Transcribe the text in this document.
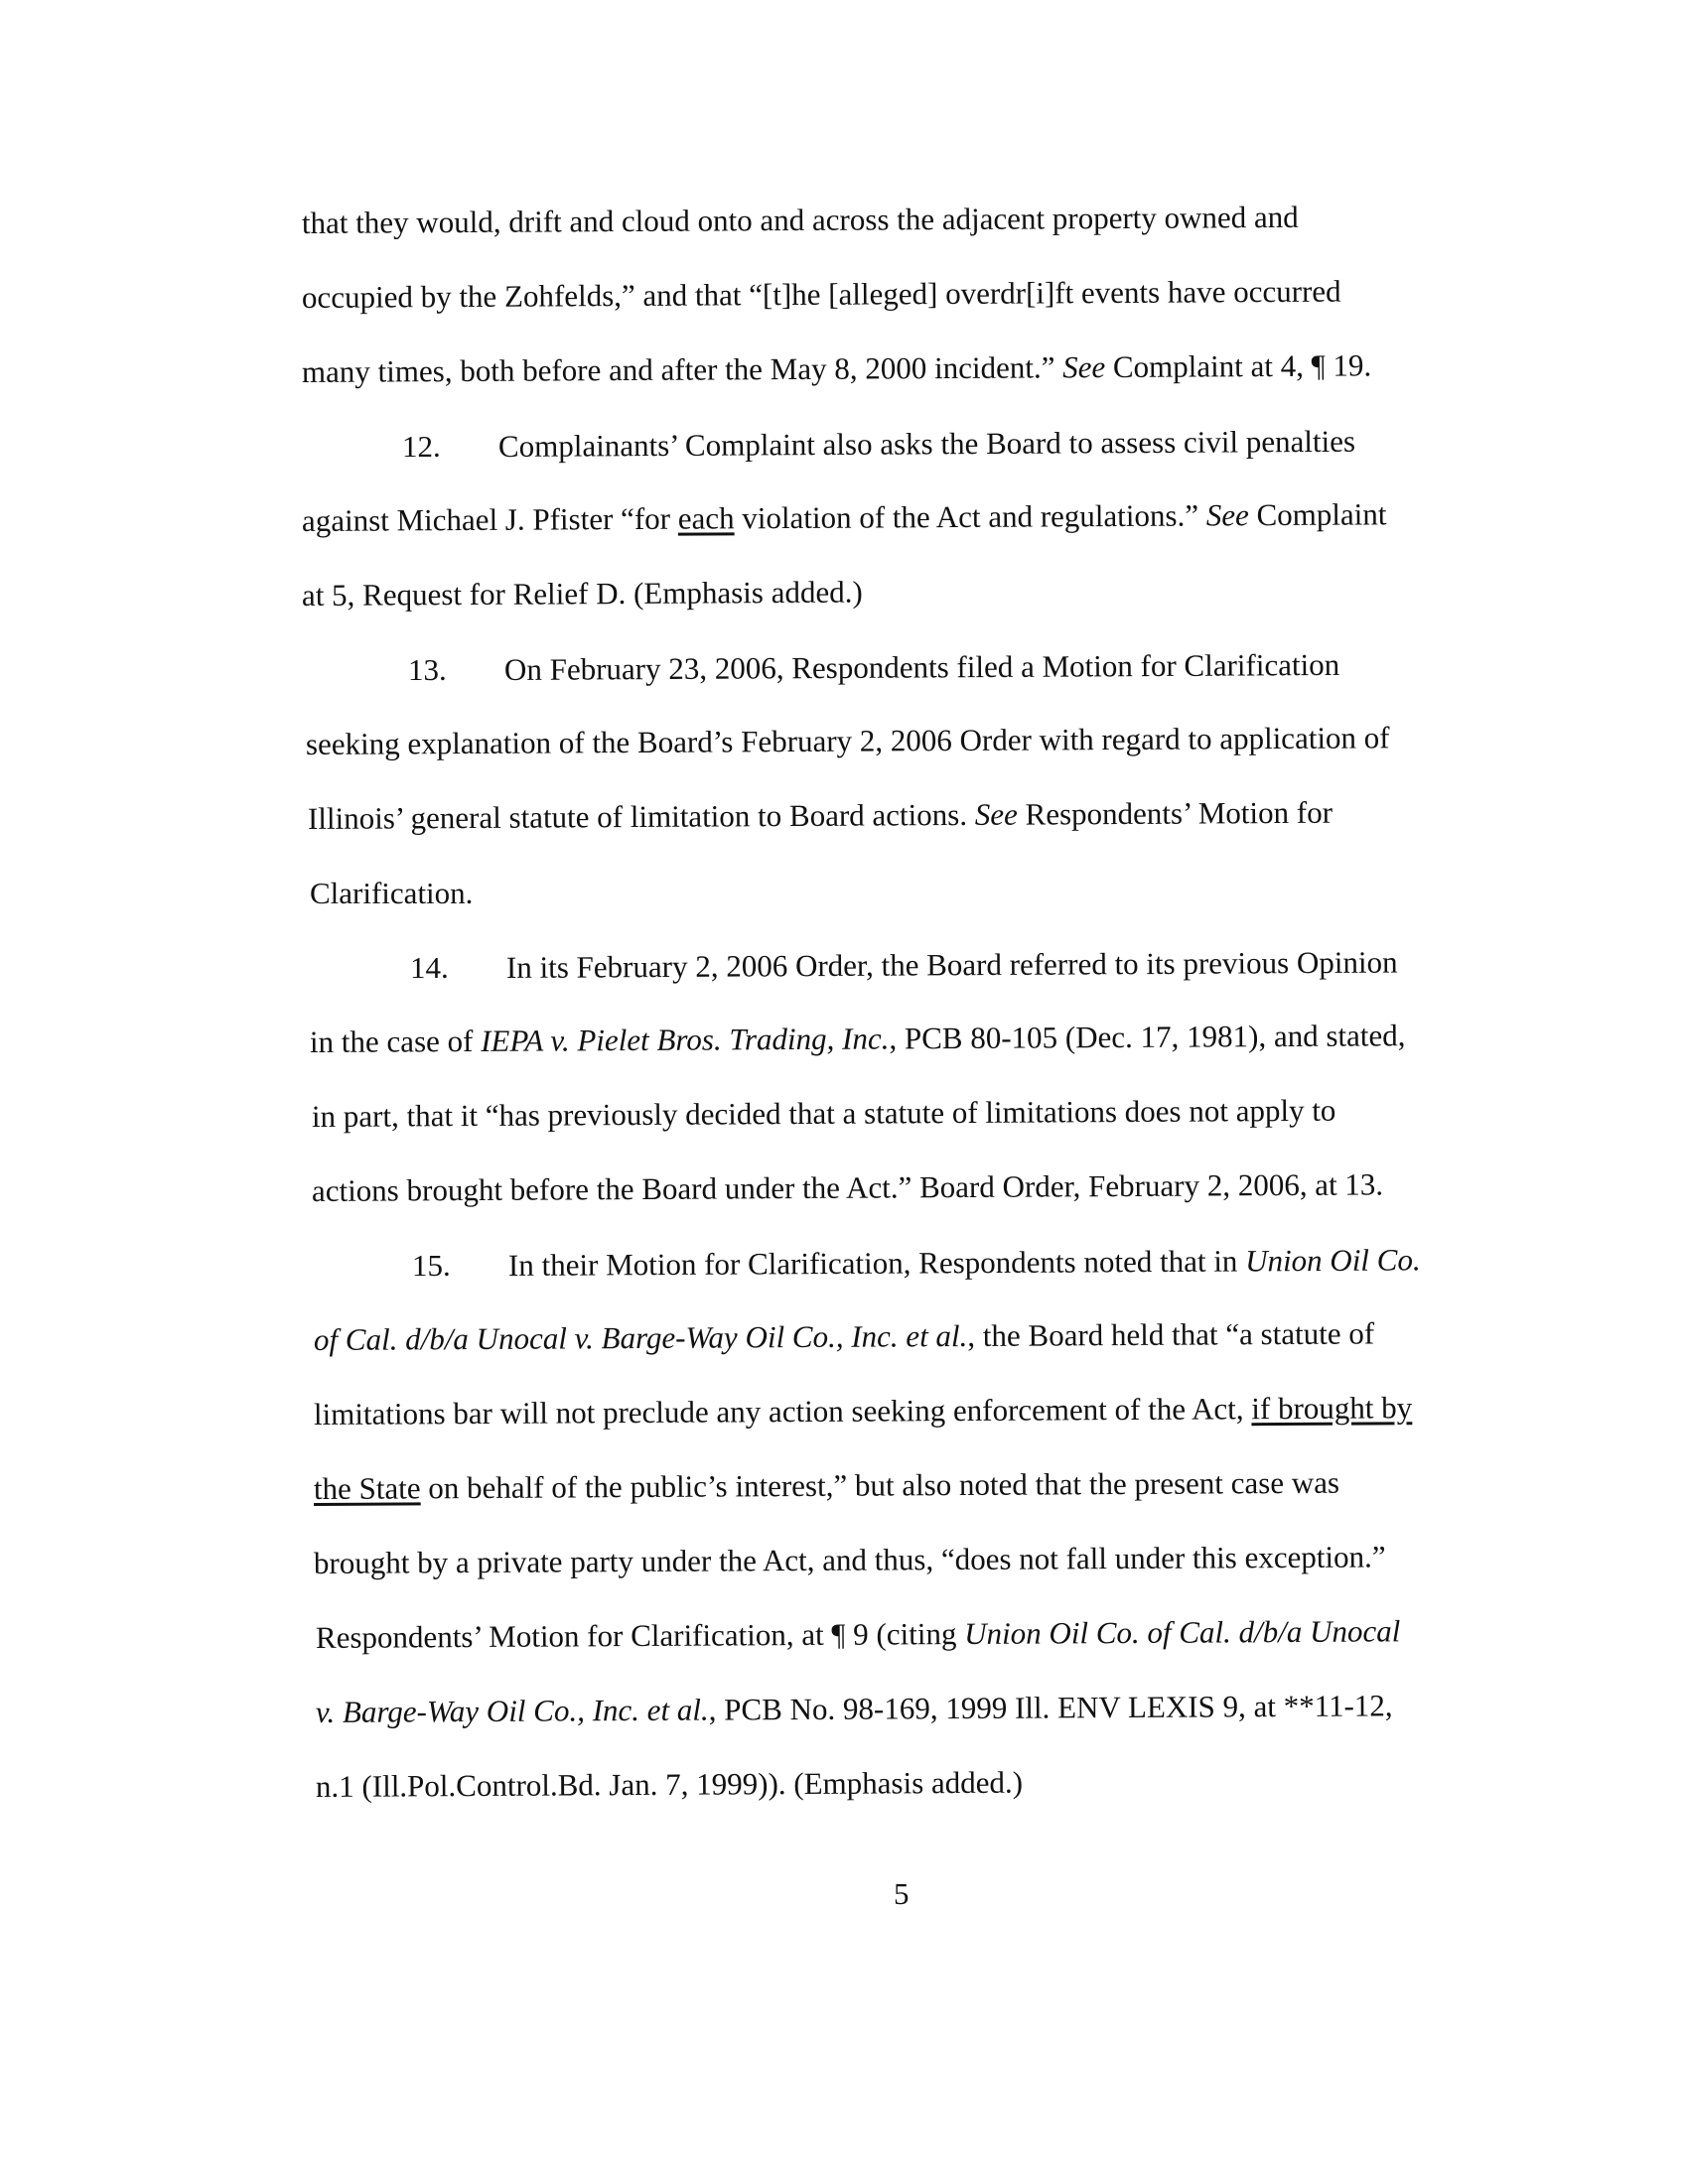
that they would, drift and cloud onto and across the adjacent property owned and
occupied by the Zohfelds,” and that “[t]he [alleged] overdr[i]ft events have occurred
many times, both before and after the May 8, 2000 incident.” See Complaint at 4, ¶ 19.
12. Complainants’ Complaint also asks the Board to assess civil penalties
against Michael J. Pfister “for each violation of the Act and regulations.” See Complaint
at 5, Request for Relief D. (Emphasis added.)
13. On February 23, 2006, Respondents filed a Motion for Clarification
seeking explanation of the Board’s February 2, 2006 Order with regard to application of
Illinois’ general statute of limitation to Board actions. See Respondents’ Motion for
Clarification.
14. In its February 2, 2006 Order, the Board referred to its previous Opinion
in the case of IEPA v. Pielet Bros. Trading, Inc., PCB 80-105 (Dec. 17, 1981), and stated,
in part, that it “has previously decided that a statute of limitations does not apply to
actions brought before the Board under the Act.” Board Order, February 2, 2006, at 13.
15. In their Motion for Clarification, Respondents noted that in Union Oil Co.
of Cal. d/b/a Unocal v. Barge-Way Oil Co., Inc. et al., the Board held that “a statute of
limitations bar will not preclude any action seeking enforcement of the Act, if brought by
the State on behalf of the public’s interest,” but also noted that the present case was
brought by a private party under the Act, and thus, “does not fall under this exception.”
Respondents’ Motion for Clarification, at ¶ 9 (citing Union Oil Co. of Cal. d/b/a Unocal
v. Barge-Way Oil Co., Inc. et al., PCB No. 98-169, 1999 Ill. ENV LEXIS 9, at **11-12,
n.1 (Ill.Pol.Control.Bd. Jan. 7, 1999)). (Emphasis added.)
5
